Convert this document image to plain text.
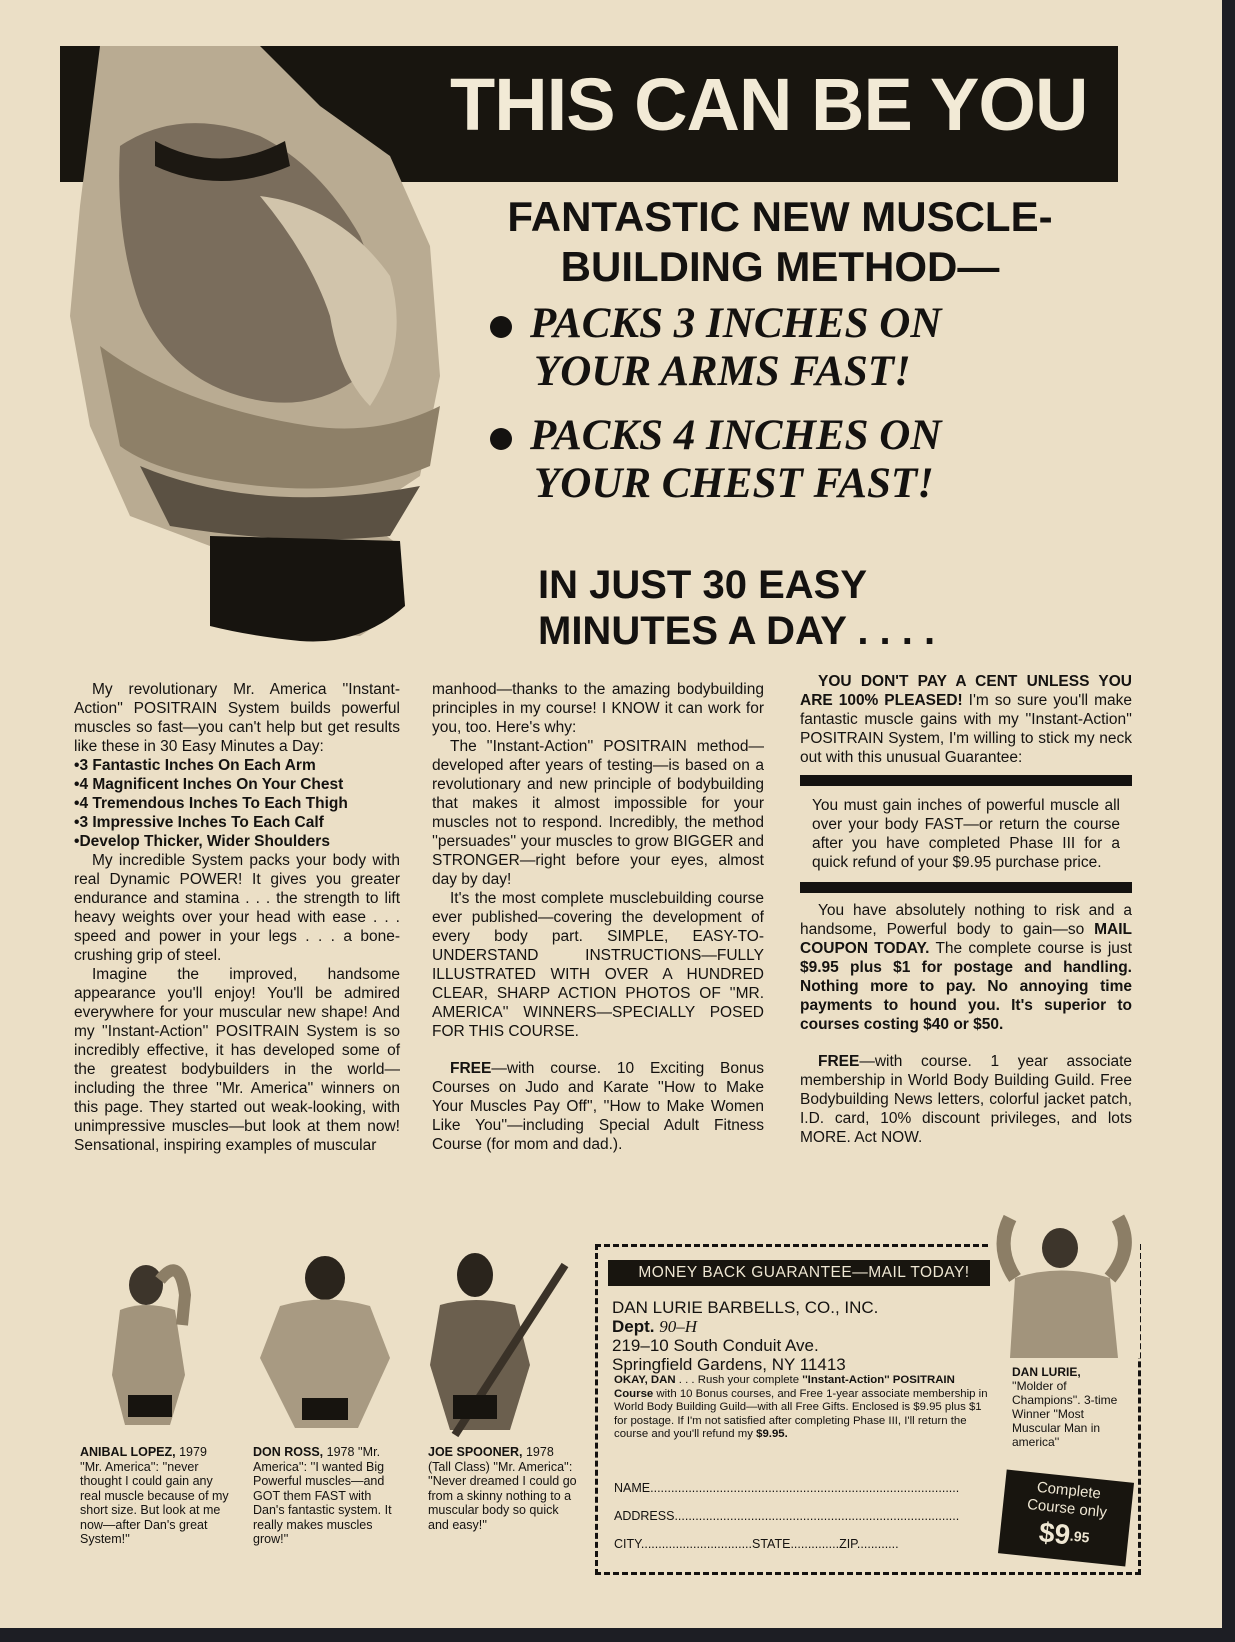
THIS CAN BE YOU
FANTASTIC NEW MUSCLE-
BUILDING METHOD—
PACKS 3 INCHES ON
YOUR ARMS FAST!
PACKS 4 INCHES ON
YOUR CHEST FAST!
IN JUST 30 EASY
MINUTES A DAY . . . .

My revolutionary Mr. America ''Instant-Action'' POSITRAIN System builds powerful muscles so fast—you can't help but get results like these in 30 Easy Minutes a Day:

• 3 Fantastic Inches On Each Arm
• 4 Magnificent Inches On Your Chest
• 4 Tremendous Inches To Each Thigh
• 3 Impressive Inches To Each Calf
• Develop Thicker, Wider Shoulders

My incredible System packs your body with real Dynamic POWER! It gives you greater endurance and stamina . . . the strength to lift heavy weights over your head with ease . . . speed and power in your legs . . . a bone-crushing grip of steel.

Imagine the improved, handsome appearance you'll enjoy! You'll be admired everywhere for your muscular new shape! And my ''Instant-Action'' POSITRAIN System is so incredibly effective, it has developed some of the greatest bodybuilders in the world—including the three ''Mr. America'' winners on this page. They started out weak-looking, with unimpressive muscles—but look at them now! Sensational, inspiring examples of muscular

manhood—thanks to the amazing bodybuilding principles in my course! I KNOW it can work for you, too. Here's why:

The ''Instant-Action'' POSITRAIN method—developed after years of testing—is based on a revolutionary and new principle of bodybuilding that makes it almost impossible for your muscles not to respond. Incredibly, the method ''persuades'' your muscles to grow BIGGER and STRONGER—right before your eyes, almost day by day!

It's the most complete musclebuilding course ever published—covering the development of every body part. SIMPLE, EASY-TO-UNDERSTAND INSTRUCTIONS—FULLY ILLUSTRATED WITH OVER A HUNDRED CLEAR, SHARP ACTION PHOTOS OF ''MR. AMERICA'' WINNERS—SPECIALLY POSED FOR THIS COURSE.

FREE—with course. 10 Exciting Bonus Courses on Judo and Karate ''How to Make Your Muscles Pay Off'', ''How to Make Women Like You''—including Special Adult Fitness Course (for mom and dad.).

YOU DON'T PAY A CENT UNLESS YOU ARE 100% PLEASED! I'm so sure you'll make fantastic muscle gains with my ''Instant-Action'' POSITRAIN System, I'm willing to stick my neck out with this unusual Guarantee:

You must gain inches of powerful muscle all over your body FAST—or return the course after you have completed Phase III for a quick refund of your $9.95 purchase price.

You have absolutely nothing to risk and a handsome, Powerful body to gain—so MAIL COUPON TODAY. The complete course is just $9.95 plus $1 for postage and handling. Nothing more to pay. No annoying time payments to hound you. It's superior to courses costing $40 or $50.

FREE—with course. 1 year associate membership in World Body Building Guild. Free Bodybuilding News letters, colorful jacket patch, I.D. card, 10% discount privileges, and lots MORE. Act NOW.

ANIBAL LOPEZ, 1979 ''Mr. America'': ''never thought I could gain any real muscle because of my short size. But look at me now—after Dan's great System!''
DON ROSS, 1978 ''Mr. America'': ''I wanted Big Powerful muscles—and GOT them FAST with Dan's fantastic system. It really makes muscles grow!''
JOE SPOONER, 1978 (Tall Class) ''Mr. America'': ''Never dreamed I could go from a skinny nothing to a muscular body so quick and easy!''
MONEY BACK GUARANTEE—MAIL TODAY!
DAN LURIE BARBELLS, CO., INC.
Dept. 90–H
219–10 South Conduit Ave.
Springfield Gardens, NY 11413
OKAY, DAN . . . Rush your complete ''Instant-Action'' POSITRAIN Course with 10 Bonus courses, and Free 1-year associate membership in World Body Building Guild—with all Free Gifts. Enclosed is $9.95 plus $1 for postage. If I'm not satisfied after completing Phase III, I'll return the course and you'll refund my $9.95.
NAME.........................................................................................
ADDRESS..................................................................................
CITY................................STATE..............ZIP............
DAN LURIE,
''Molder of Champions''. 3-time Winner ''Most Muscular Man in america''
Complete
Course only
$\$9^{.95}$
